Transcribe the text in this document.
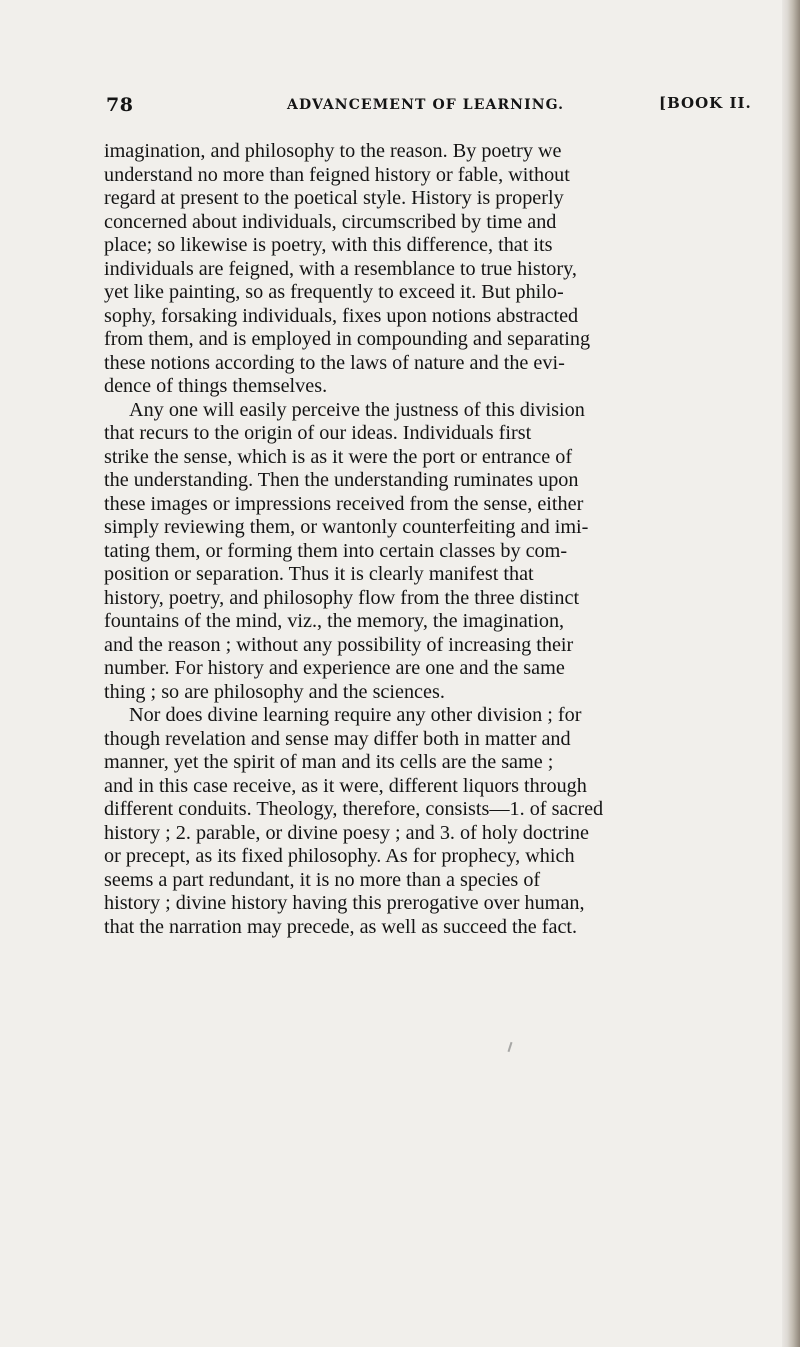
78	ADVANCEMENT OF LEARNING.	[BOOK II.
imagination, and philosophy to the reason. By poetry we
understand no more than feigned history or fable, without
regard at present to the poetical style. History is properly
concerned about individuals, circumscribed by time and
place; so likewise is poetry, with this difference, that its
individuals are feigned, with a resemblance to true history,
yet like painting, so as frequently to exceed it. But philo-
sophy, forsaking individuals, fixes upon notions abstracted
from them, and is employed in compounding and separating
these notions according to the laws of nature and the evi-
dence of things themselves.
Any one will easily perceive the justness of this division
that recurs to the origin of our ideas. Individuals first
strike the sense, which is as it were the port or entrance of
the understanding. Then the understanding ruminates upon
these images or impressions received from the sense, either
simply reviewing them, or wantonly counterfeiting and imi-
tating them, or forming them into certain classes by com-
position or separation. Thus it is clearly manifest that
history, poetry, and philosophy flow from the three distinct
fountains of the mind, viz., the memory, the imagination,
and the reason ; without any possibility of increasing their
number. For history and experience are one and the same
thing ; so are philosophy and the sciences.
Nor does divine learning require any other division ; for
though revelation and sense may differ both in matter and
manner, yet the spirit of man and its cells are the same ;
and in this case receive, as it were, different liquors through
different conduits. Theology, therefore, consists—1. of sacred
history ; 2. parable, or divine poesy ; and 3. of holy doctrine
or precept, as its fixed philosophy. As for prophecy, which
seems a part redundant, it is no more than a species of
history ; divine history having this prerogative over human,
that the narration may precede, as well as succeed the fact.
